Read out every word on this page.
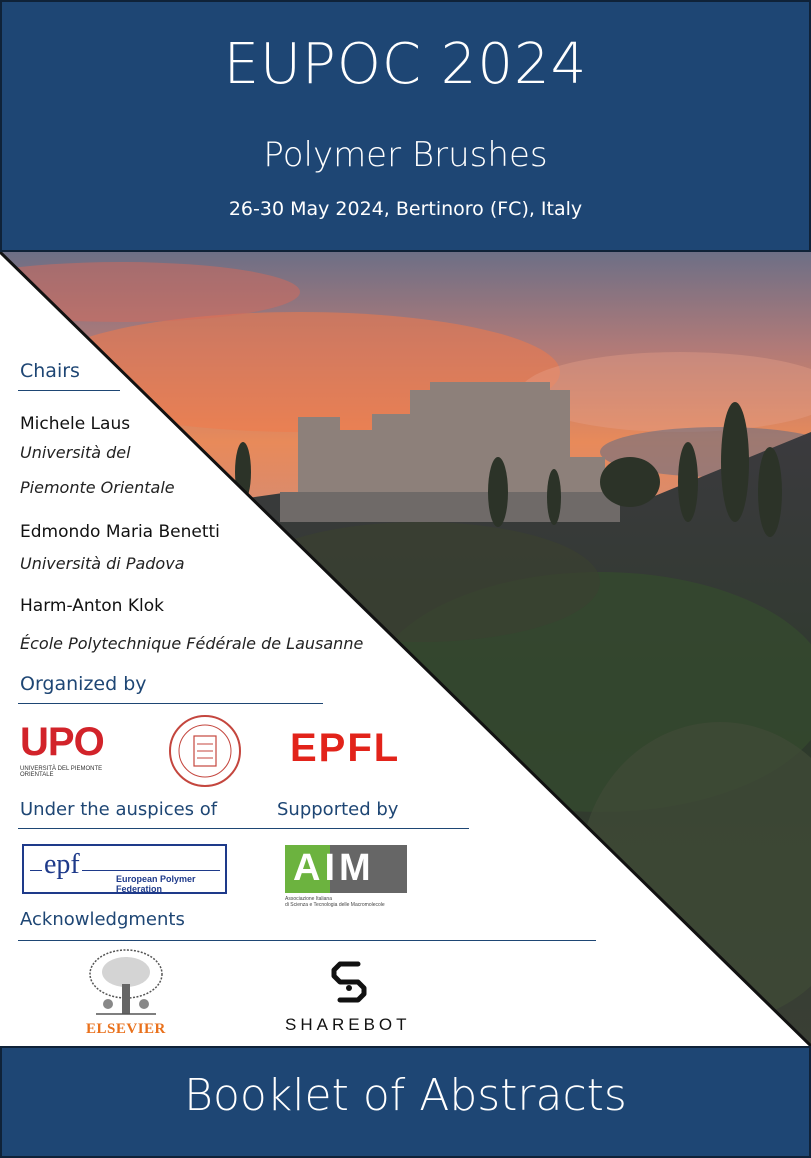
EUPOC 2024
Polymer Brushes
26-30 May 2024, Bertinoro (FC), Italy
Chairs
Michele Laus
Università del
Piemonte Orientale
Edmondo Maria Benetti
Università di Padova
Harm-Anton Klok
École Polytechnique Fédérale de Lausanne
Organized by
UPO
UNIVERSITÀ DEL PIEMONTE ORIENTALE
EPFL
Under the auspices of	Supported by
epf	European Polymer Federation	AIM
Associazione Italiana
di Scienza e Tecnologia delle Macromolecole
Acknowledgments
ELSEVIER	SHAREBOT
Booklet of Abstracts
